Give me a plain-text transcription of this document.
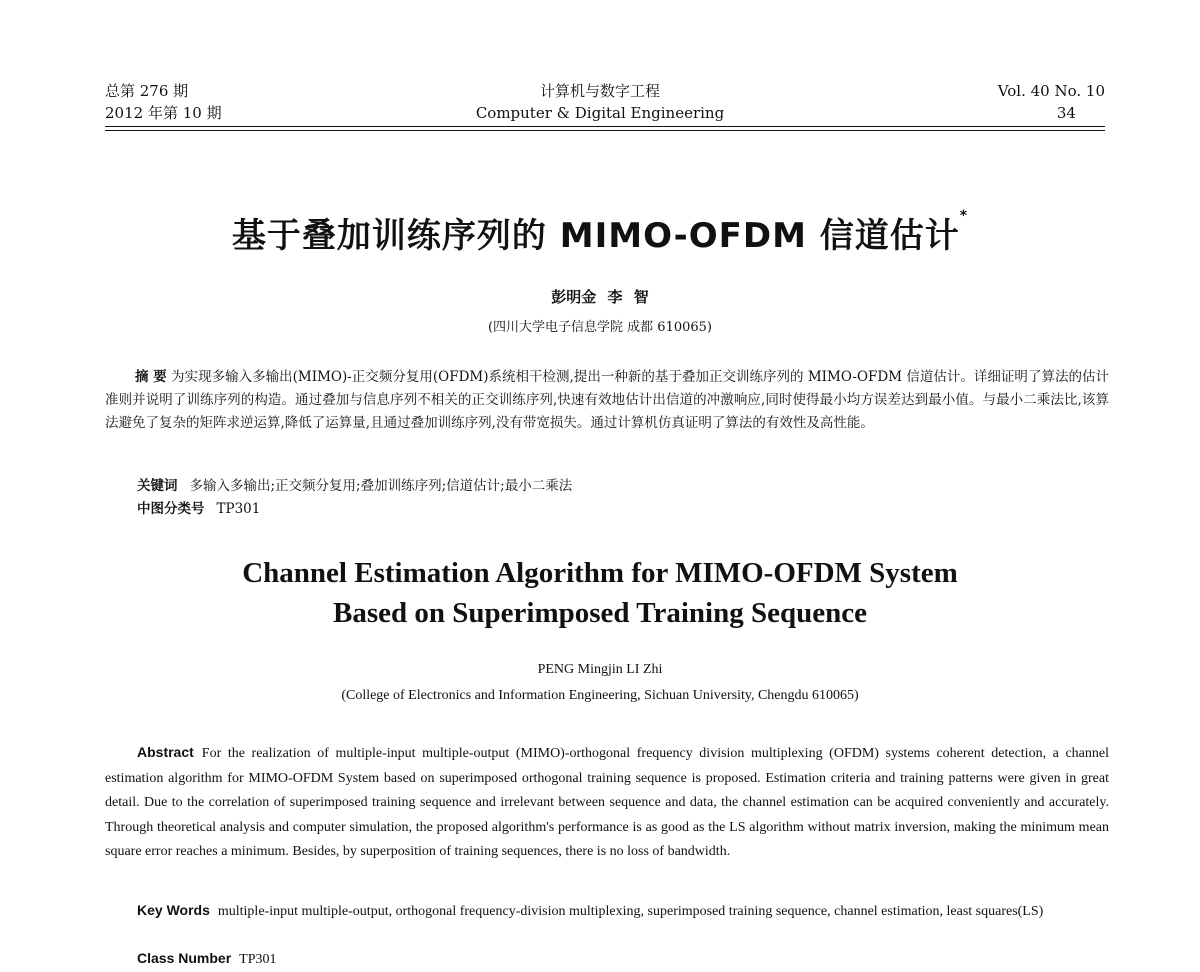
总第 276 期
2012 年第 10 期
计算机与数字工程
Computer & Digital Engineering
Vol. 40 No. 10
34
基于叠加训练序列的 MIMO-OFDM 信道估计*
彭明金 李 智
(四川大学电子信息学院 成都 610065)
摘 要 为实现多输入多输出(MIMO)-正交频分复用(OFDM)系统相干检测,提出一种新的基于叠加正交训练序列的 MIMO-OFDM 信道估计。详细证明了算法的估计准则并说明了训练序列的构造。通过叠加与信息序列不相关的正交训练序列,快速有效地估计出信道的冲激响应,同时使得最小均方误差达到最小值。与最小二乘法比,该算法避免了复杂的矩阵求逆运算,降低了运算量,且通过叠加训练序列,没有带宽损失。通过计算机仿真证明了算法的有效性及高性能。
关键词 多输入多输出;正交频分复用;叠加训练序列;信道估计;最小二乘法
中图分类号 TP301
Channel Estimation Algorithm for MIMO-OFDM System
Based on Superimposed Training Sequence
PENG Mingjin LI Zhi
(College of Electronics and Information Engineering, Sichuan University, Chengdu 610065)
Abstract For the realization of multiple-input multiple-output (MIMO)-orthogonal frequency division multiplexing (OFDM) systems coherent detection, a channel estimation algorithm for MIMO-OFDM System based on superimposed orthogonal training sequence is proposed. Estimation criteria and training patterns were given in great detail. Due to the correlation of superimposed training sequence and irrelevant between sequence and data, the channel estimation can be acquired conveniently and accurately. Through theoretical analysis and computer simulation, the proposed algorithm's performance is as good as the LS algorithm without matrix inversion, making the minimum mean square error reaches a minimum. Besides, by superposition of training sequences, there is no loss of bandwidth.
Key Words multiple-input multiple-output, orthogonal frequency-division multiplexing, superimposed training sequence, channel estimation, least squares(LS)
Class Number TP301
